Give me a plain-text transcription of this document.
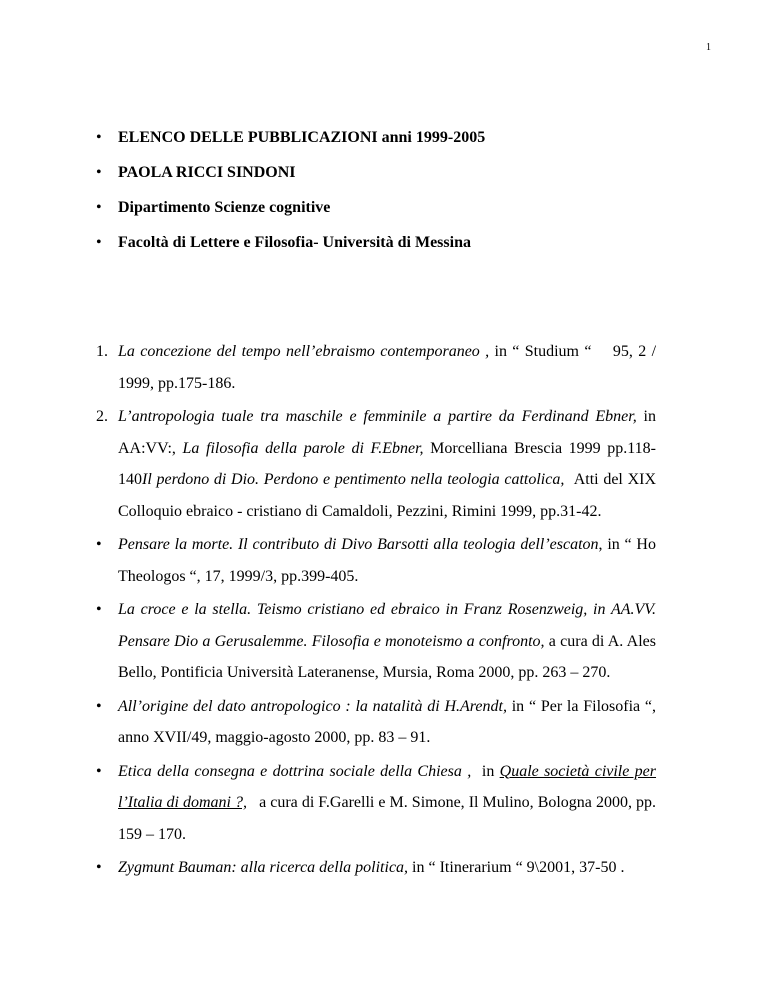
1
• ELENCO DELLE PUBBLICAZIONI anni 1999-2005
• PAOLA RICCI SINDONI
• Dipartimento Scienze cognitive
• Facoltà di Lettere e Filosofia- Università di Messina
1. La concezione del tempo nell’ebraismo contemporaneo , in “ Studium “    95, 2 / 1999, pp.175-186.
2. L’antropologia tuale tra maschile e femminile a partire da Ferdinand Ebner, in AA:VV:, La filosofia della parole di F.Ebner, Morcelliana Brescia 1999 pp.118-140Il perdono di Dio. Perdono e pentimento nella teologia cattolica,  Atti del XIX Colloquio ebraico - cristiano di Camaldoli, Pezzini, Rimini 1999, pp.31-42.
• Pensare la morte. Il contributo di Divo Barsotti alla teologia dell’escaton, in “ Ho Theologos “, 17, 1999/3, pp.399-405.
• La croce e la stella. Teismo cristiano ed ebraico in Franz Rosenzweig, in AA.VV. Pensare Dio a Gerusalemme. Filosofia e monoteismo a confronto, a cura di A. Ales Bello, Pontificia Università Lateranense, Mursia, Roma 2000, pp. 263 – 270.
• All’origine del dato antropologico : la natalità di H.Arendt, in “ Per la Filosofia “, anno XVII/49, maggio-agosto 2000, pp. 83 – 91.
• Etica della consegna e dottrina sociale della Chiesa ,  in Quale società civile per l’Italia di domani ?,   a cura di F.Garelli e M. Simone, Il Mulino, Bologna 2000, pp. 159 – 170.
• Zygmunt Bauman: alla ricerca della politica, in “ Itinerarium “ 9\2001, 37-50 .
